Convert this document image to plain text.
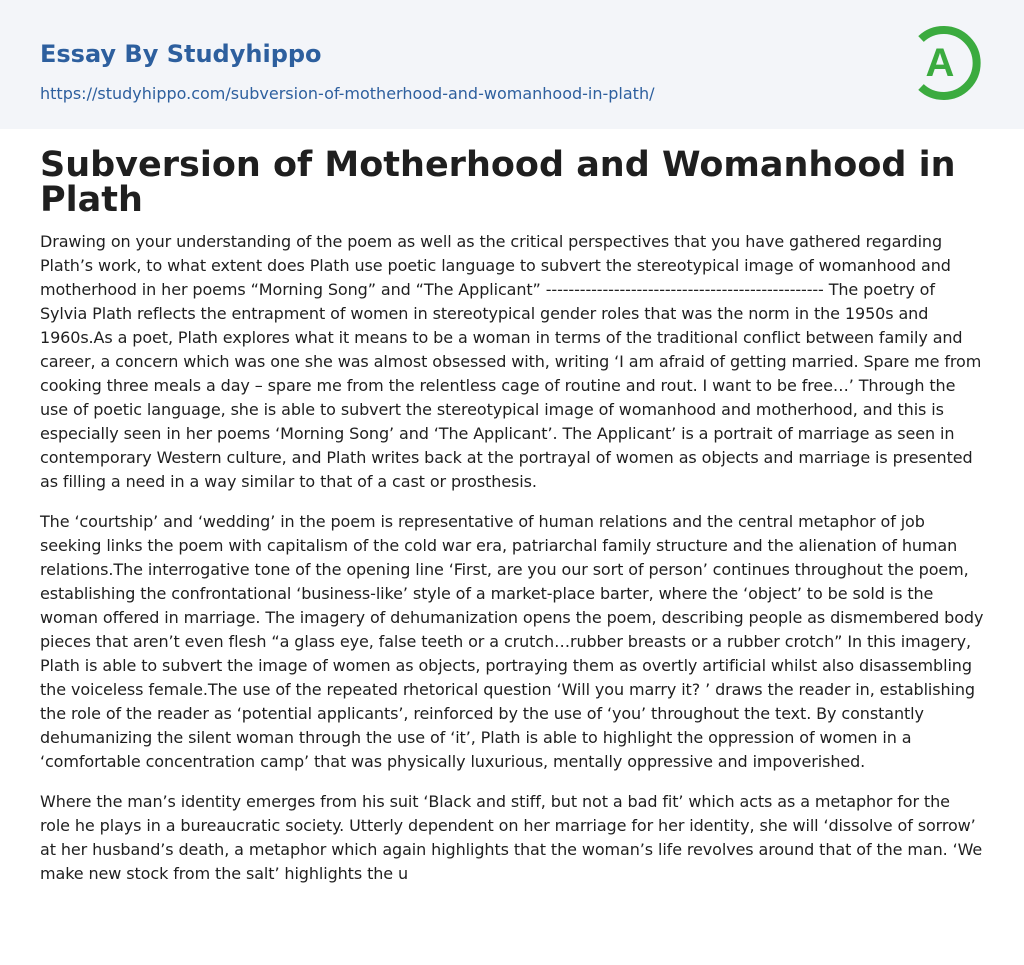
Essay By Studyhippo
https://studyhippo.com/subversion-of-motherhood-and-womanhood-in-plath/
A
Subversion of Motherhood and Womanhood in Plath

Drawing on your understanding of the poem as well as the critical perspectives that you have gathered regarding Plath’s work, to what extent does Plath use poetic language to subvert the stereotypical image of womanhood and motherhood in her poems “Morning Song” and “The Applicant” ------------------------------------------------- The poetry of Sylvia Plath reflects the entrapment of women in stereotypical gender roles that was the norm in the 1950s and 1960s.As a poet, Plath explores what it means to be a woman in terms of the traditional conflict between family and career, a concern which was one she was almost obsessed with, writing ‘I am afraid of getting married. Spare me from cooking three meals a day – spare me from the relentless cage of routine and rout. I want to be free…’ Through the use of poetic language, she is able to subvert the stereotypical image of womanhood and motherhood, and this is especially seen in her poems ‘Morning Song’ and ‘The Applicant’. The Applicant’ is a portrait of marriage as seen in contemporary Western culture, and Plath writes back at the portrayal of women as objects and marriage is presented as filling a need in a way similar to that of a cast or prosthesis.

The ‘courtship’ and ‘wedding’ in the poem is representative of human relations and the central metaphor of job seeking links the poem with capitalism of the cold war era, patriarchal family structure and the alienation of human relations.The interrogative tone of the opening line ‘First, are you our sort of person’ continues throughout the poem, establishing the confrontational ‘business-like’ style of a market-place barter, where the ‘object’ to be sold is the woman offered in marriage. The imagery of dehumanization opens the poem, describing people as dismembered body pieces that aren’t even flesh “a glass eye, false teeth or a crutch…rubber breasts or a rubber crotch” In this imagery, Plath is able to subvert the image of women as objects, portraying them as overtly artificial whilst also disassembling the voiceless female.The use of the repeated rhetorical question ‘Will you marry it? ’ draws the reader in, establishing the role of the reader as ‘potential applicants’, reinforced by the use of ‘you’ throughout the text. By constantly dehumanizing the silent woman through the use of ‘it’, Plath is able to highlight the oppression of women in a ‘comfortable concentration camp’ that was physically luxurious, mentally oppressive and impoverished.

Where the man’s identity emerges from his suit ‘Black and stiff, but not a bad fit’ which acts as a metaphor for the role he plays in a bureaucratic society. Utterly dependent on her marriage for her identity, she will ‘dissolve of sorrow’ at her husband’s death, a metaphor which again highlights that the woman’s life revolves around that of the man. ‘We make new stock from the salt’ highlights the u
